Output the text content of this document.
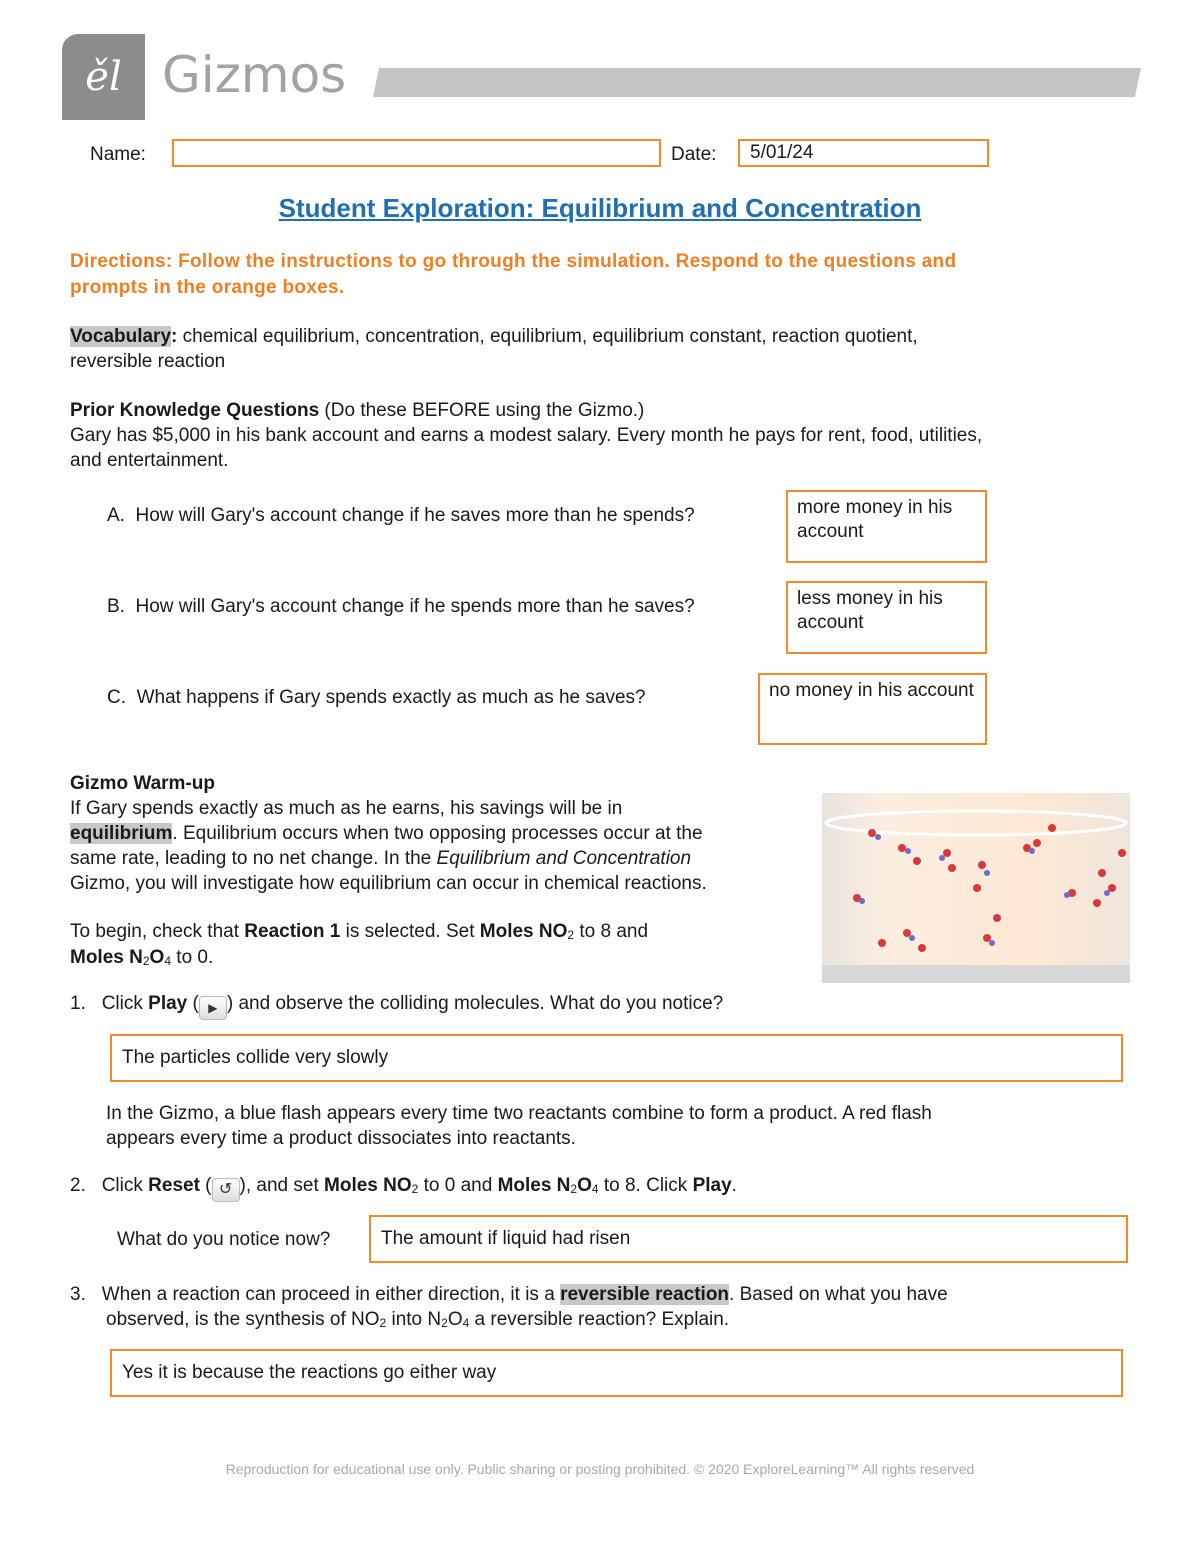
ěl Gizmos
Name:	Date:	5/01/24
Student Exploration: Equilibrium and Concentration
Directions: Follow the instructions to go through the simulation. Respond to the questions and
prompts in the orange boxes.
Vocabulary: chemical equilibrium, concentration, equilibrium, equilibrium constant, reaction quotient,
reversible reaction
Prior Knowledge Questions (Do these BEFORE using the Gizmo.)
Gary has $5,000 in his bank account and earns a modest salary. Every month he pays for rent, food, utilities,
and entertainment.
A. How will Gary's account change if he saves more than he spends?	more money in his account
B. How will Gary's account change if he spends more than he saves?	less money in his account
C. What happens if Gary spends exactly as much as he saves?	no money in his account
Gizmo Warm-up
If Gary spends exactly as much as he earns, his savings will be in
equilibrium. Equilibrium occurs when two opposing processes occur at the
same rate, leading to no net change. In the Equilibrium and Concentration
Gizmo, you will investigate how equilibrium can occur in chemical reactions.
To begin, check that Reaction 1 is selected. Set Moles $NO_2$ to 8 and
Moles $N_2O_4$ to 0.
1. Click Play ( ▶ ) and observe the colliding molecules. What do you notice?
The particles collide very slowly
In the Gizmo, a blue flash appears every time two reactants combine to form a product. A red flash
appears every time a product dissociates into reactants.
2. Click Reset ( ↺ ), and set Moles $NO_2$ to 0 and Moles $N_2O_4$ to 8. Click Play.
What do you notice now?	The amount if liquid had risen
3. When a reaction can proceed in either direction, it is a reversible reaction. Based on what you have
observed, is the synthesis of $NO_2$ into $N_2O_4$ a reversible reaction? Explain.
Yes it is because the reactions go either way
Reproduction for educational use only. Public sharing or posting prohibited. © 2020 ExploreLearning™ All rights reserved
